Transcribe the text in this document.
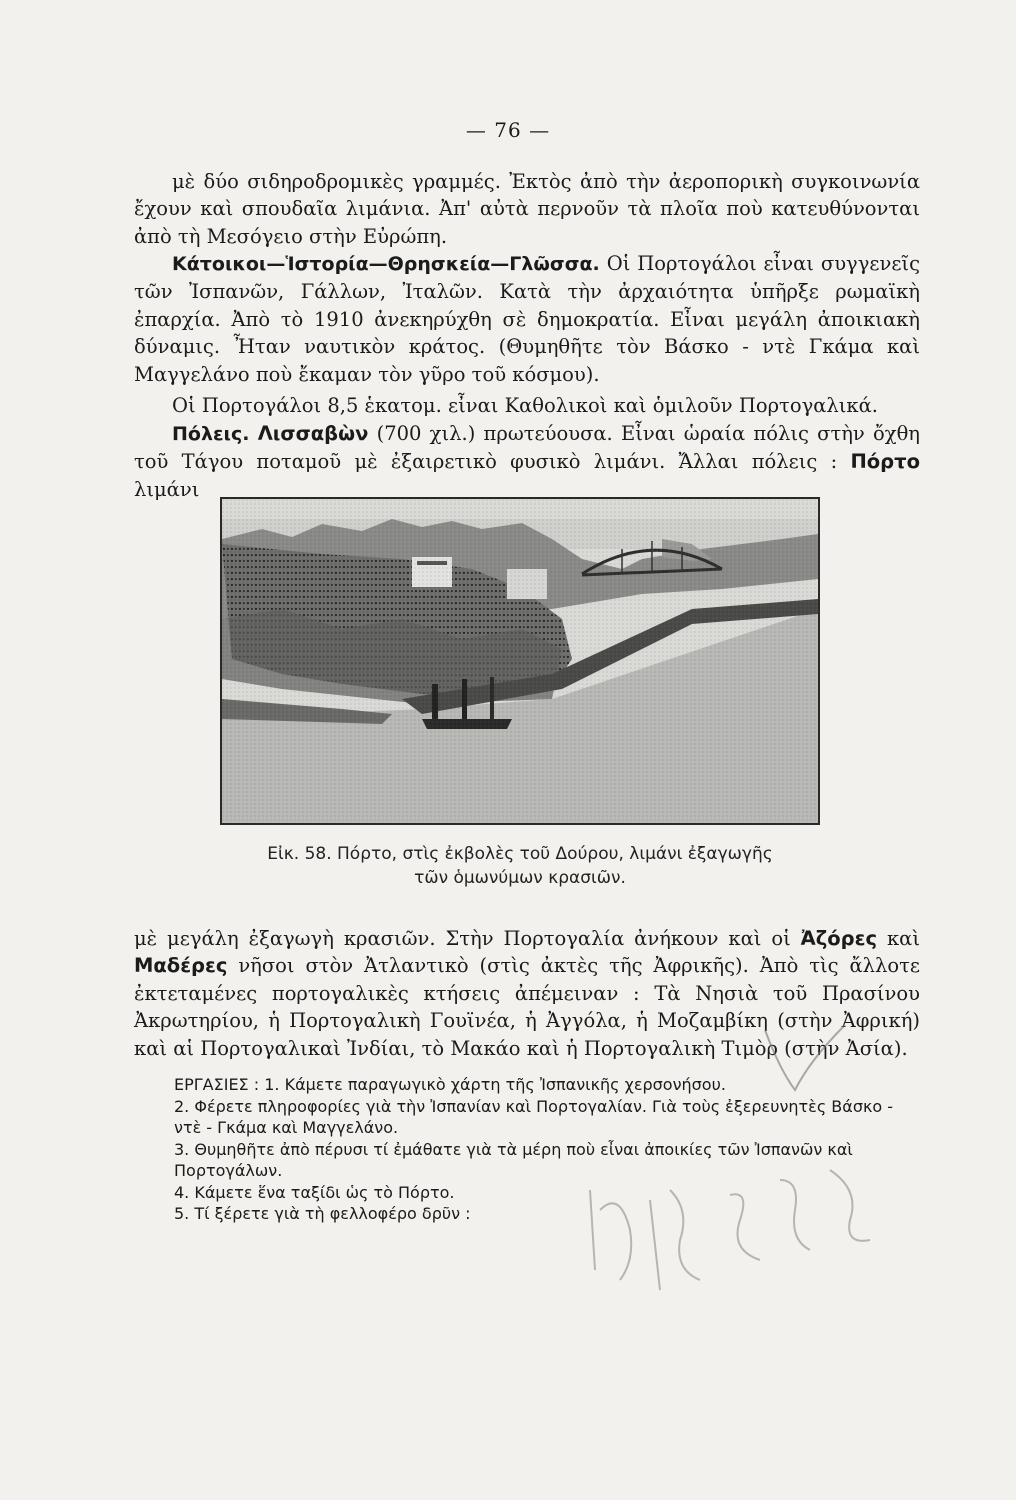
— 76 —

μὲ δύο σιδηροδρομικὲς γραμμές. Ἐκτὸς ἀπὸ τὴν ἀεροπορικὴ συγκοινωνία ἔχουν καὶ σπουδαῖα λιμάνια. Ἀπ' αὐτὰ περνοῦν τὰ πλοῖα ποὺ κατευθύνονται ἀπὸ τὴ Μεσόγειο στὴν Εὐρώπη.

Κάτοικοι—Ἱστορία—Θρησκεία—Γλῶσσα. Οἱ Πορτογάλοι εἶναι συγγενεῖς τῶν Ἰσπανῶν, Γάλλων, Ἰταλῶν. Κατὰ τὴν ἀρχαιότητα ὑπῆρξε ρωμαϊκὴ ἐπαρχία. Ἀπὸ τὸ 1910 ἀνεκηρύχθη σὲ δημοκρατία. Εἶναι μεγάλη ἀποικιακὴ δύναμις. Ἦταν ναυτικὸν κράτος. (Θυμηθῆτε τὸν Βάσκο - ντὲ Γκάμα καὶ Μαγγελάνο ποὺ ἔκαμαν τὸν γῦρο τοῦ κόσμου).

Οἱ Πορτογάλοι 8,5 ἑκατομ. εἶναι Καθολικοὶ καὶ ὁμιλοῦν Πορτογαλικά.

Πόλεις. Λισσαβὼν (700 χιλ.) πρωτεύουσα. Εἶναι ὡραία πόλις στὴν ὄχθη τοῦ Τάγου ποταμοῦ μὲ ἐξαιρετικὸ φυσικὸ λιμάνι. Ἄλλαι πόλεις : Πόρτο λιμάνι

Εἰκ. 58. Πόρτο, στὶς ἐκβολὲς τοῦ Δούρου, λιμάνι ἐξαγωγῆς
τῶν ὁμωνύμων κρασιῶν.

μὲ μεγάλη ἐξαγωγὴ κρασιῶν. Στὴν Πορτογαλία ἀνήκουν καὶ οἱ Ἀζόρες καὶ Μαδέρες νῆσοι στὸν Ἀτλαντικὸ (στὶς ἀκτὲς τῆς Ἀφρικῆς). Ἀπὸ τὶς ἄλλοτε ἐκτεταμένες πορτογαλικὲς κτήσεις ἀπέμειναν : Τὰ Νησιὰ τοῦ Πρασίνου Ἀκρωτηρίου, ἡ Πορτογαλικὴ Γουϊνέα, ἡ Ἀγγόλα, ἡ Μοζαμβίκη (στὴν Ἀφρική) καὶ αἱ Πορτογαλικαὶ Ἰνδίαι, τὸ Μακάο καὶ ἡ Πορτογαλικὴ Τιμὸρ (στὴν Ἀσία).

ΕΡΓΑΣΙΕΣ : 1. Κάμετε παραγωγικὸ χάρτη τῆς Ἰσπανικῆς χερσονήσου.

2. Φέρετε πληροφορίες γιὰ τὴν Ἰσπανίαν καὶ Πορτογαλίαν. Γιὰ τοὺς ἐξερευνητὲς Βάσκο - ντὲ - Γκάμα καὶ Μαγγελάνο.

3. Θυμηθῆτε ἀπὸ πέρυσι τί ἐμάθατε γιὰ τὰ μέρη ποὺ εἶναι ἀποικίες τῶν Ἰσπανῶν καὶ Πορτογάλων.

4. Κάμετε ἕνα ταξίδι ὡς τὸ Πόρτο.

5. Τί ξέρετε γιὰ τὴ φελλοφέρο δρῦν :
